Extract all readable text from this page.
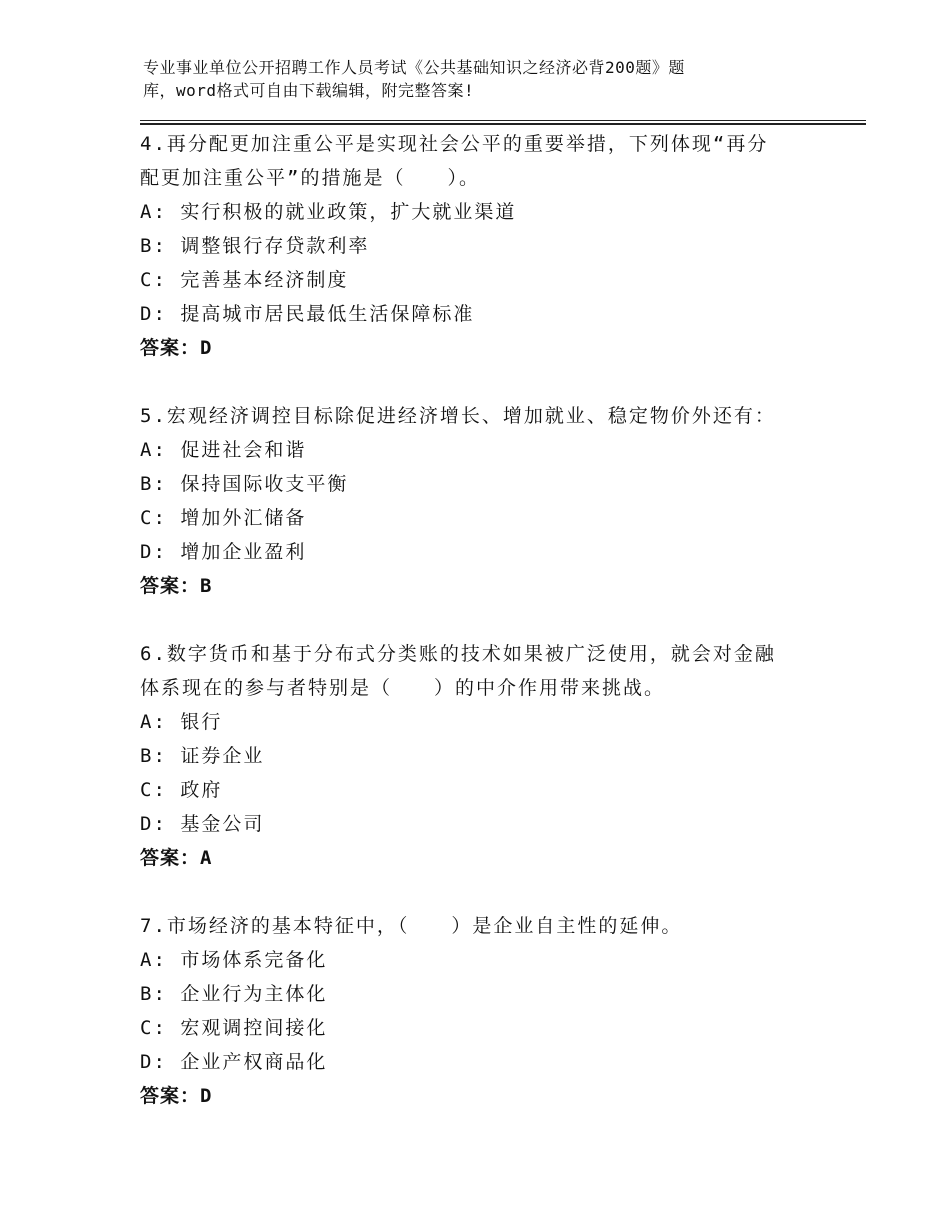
专业事业单位公开招聘工作人员考试《公共基础知识之经济必背200题》题
库，word格式可自由下载编辑，附完整答案!
4.再分配更加注重公平是实现社会公平的重要举措，下列体现“再分
配更加注重公平”的措施是（　　）。
A: 实行积极的就业政策，扩大就业渠道
B: 调整银行存贷款利率
C: 完善基本经济制度
D: 提高城市居民最低生活保障标准
答案：D
5.宏观经济调控目标除促进经济增长、增加就业、稳定物价外还有：
A: 促进社会和谐
B: 保持国际收支平衡
C: 增加外汇储备
D: 增加企业盈利
答案：B
6.数字货币和基于分布式分类账的技术如果被广泛使用，就会对金融
体系现在的参与者特别是（　　）的中介作用带来挑战。
A: 银行
B: 证券企业
C: 政府
D: 基金公司
答案：A
7.市场经济的基本特征中，（　　）是企业自主性的延伸。
A: 市场体系完备化
B: 企业行为主体化
C: 宏观调控间接化
D: 企业产权商品化
答案：D
